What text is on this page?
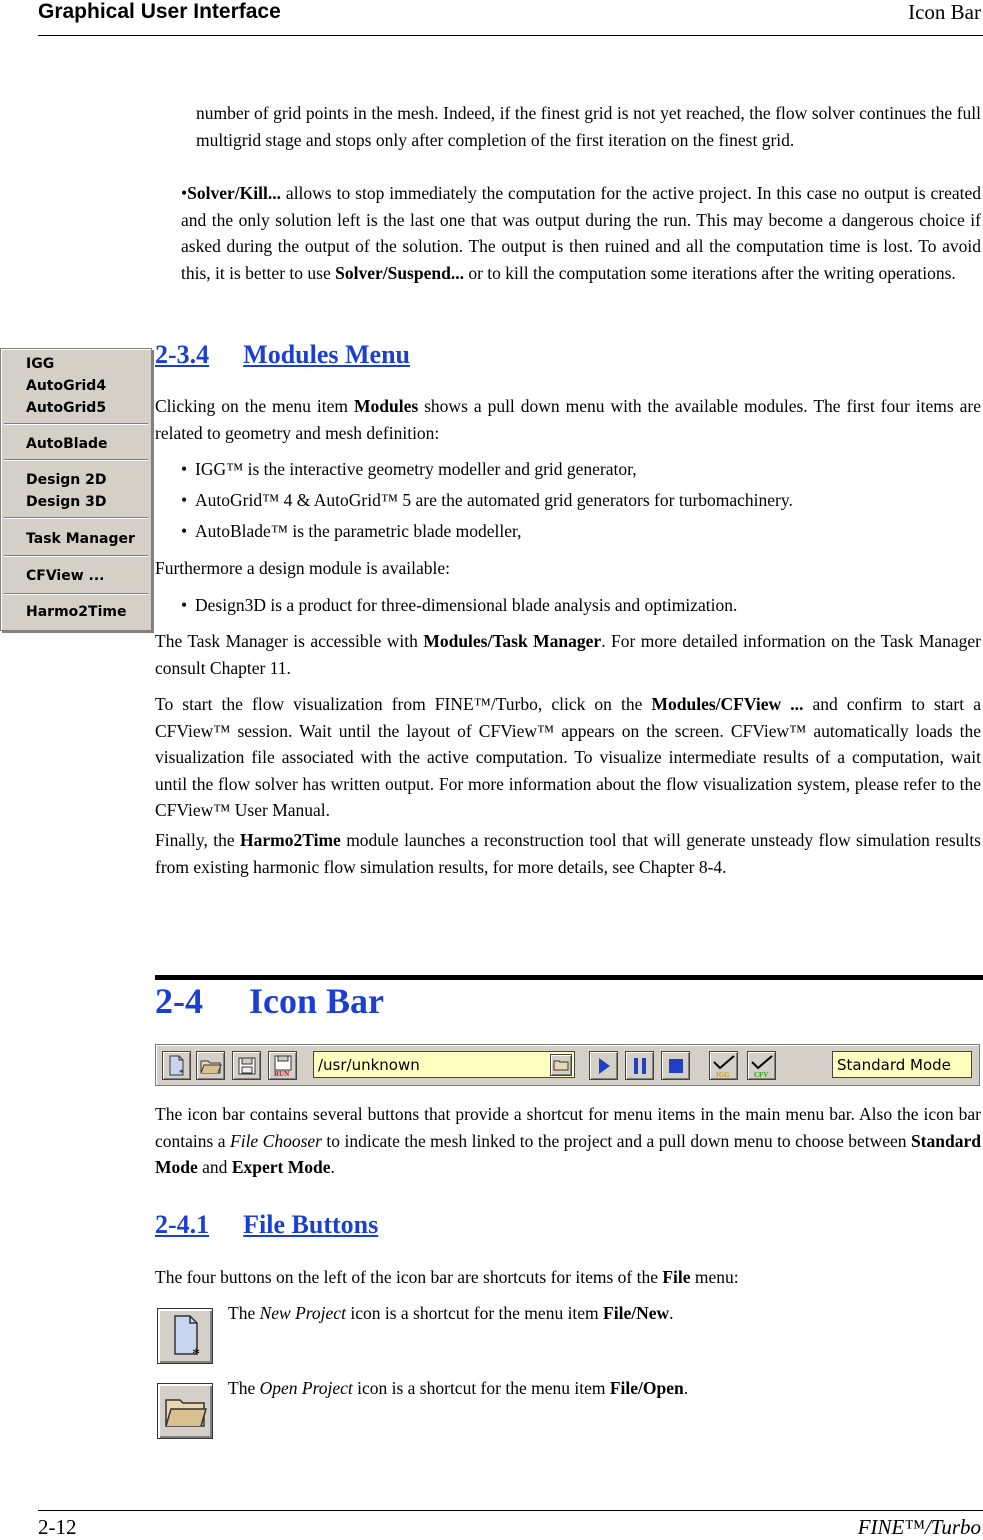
Graphical User Interface	Icon Bar
number of grid points in the mesh. Indeed, if the finest grid is not yet reached, the flow solver continues the full multigrid stage and stops only after completion of the first iteration on the finest grid.
•Solver/Kill... allows to stop immediately the computation for the active project. In this case no output is created and the only solution left is the last one that was output during the run. This may become a dangerous choice if asked during the output of the solution. The output is then ruined and all the computation time is lost. To avoid this, it is better to use Solver/Suspend... or to kill the computation some iterations after the writing operations.
IGG
AutoGrid4
AutoGrid5
AutoBlade
Design 2D
Design 3D
Task Manager
CFView ...
Harmo2Time
2-3.4 Modules Menu
Clicking on the menu item Modules shows a pull down menu with the available modules. The first four items are related to geometry and mesh definition:
• IGG™ is the interactive geometry modeller and grid generator,
• AutoGrid™ 4 & AutoGrid™ 5 are the automated grid generators for turbomachinery.
• AutoBlade™ is the parametric blade modeller,
Furthermore a design module is available:
• Design3D is a product for three-dimensional blade analysis and optimization.
The Task Manager is accessible with Modules/Task Manager. For more detailed information on the Task Manager consult Chapter 11.
To start the flow visualization from FINE™/Turbo, click on the Modules/CFView ... and confirm to start a CFView™ session. Wait until the layout of CFView™ appears on the screen. CFView™ automatically loads the visualization file associated with the active computation. To visualize intermediate results of a computation, wait until the flow solver has written output. For more information about the flow visualization system, please refer to the CFView™ User Manual.
Finally, the Harmo2Time module launches a reconstruction tool that will generate unsteady flow simulation results from existing harmonic flow simulation results, for more details, see Chapter 8-4.
2-4 Icon Bar
*	RUN	/usr/unknown
IGG	CFV
Standard Mode
The icon bar contains several buttons that provide a shortcut for menu items in the main menu bar. Also the icon bar contains a File Chooser to indicate the mesh linked to the project and a pull down menu to choose between Standard Mode and Expert Mode.
2-4.1 File Buttons
The four buttons on the left of the icon bar are shortcuts for items of the File menu:
*
The New Project icon is a shortcut for the menu item File/New.
The Open Project icon is a shortcut for the menu item File/Open.
2-12	FINE™/Turbo
